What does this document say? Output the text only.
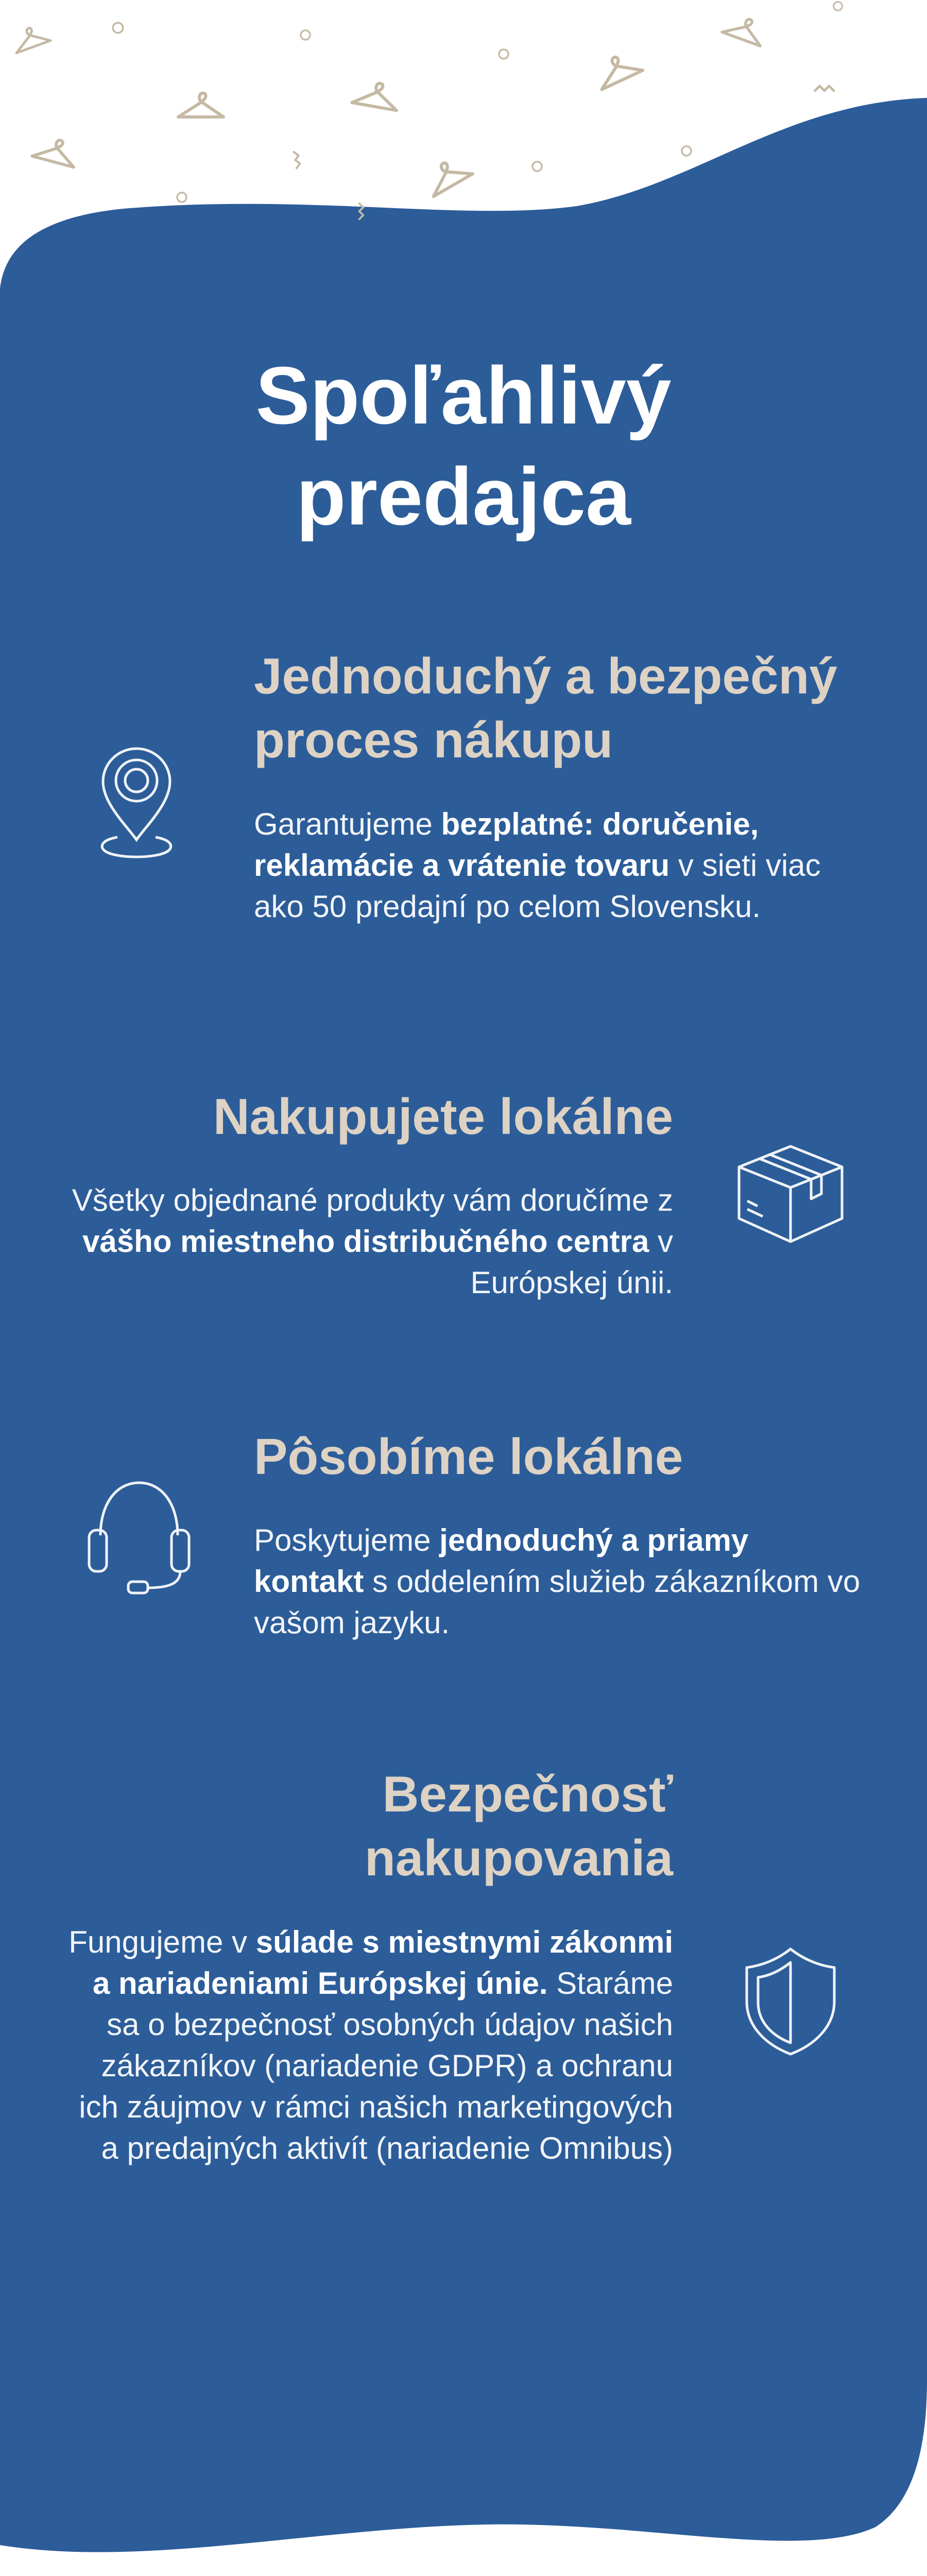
Spoľahlivý predajca
Jednoduchý a bezpečný proces nákupu

Garantujeme bezplatné: doručenie, reklamácie a vrátenie tovaru v sieti viac ako 50 predajní po celom Slovensku.

Nakupujete lokálne

Všetky objednané produkty vám doručíme z vášho miestneho distribučného centra v Európskej únii.

Pôsobíme lokálne

Poskytujeme jednoduchý a priamy kontakt s oddelením služieb zákazníkom vo vašom jazyku.

Bezpečnosť nakupovania

Fungujeme v súlade s miestnymi zákonmi a nariadeniami Európskej únie. Staráme sa o bezpečnosť osobných údajov našich zákazníkov (nariadenie GDPR) a ochranu ich záujmov v rámci našich marketingových a predajných aktivít (nariadenie Omnibus)
